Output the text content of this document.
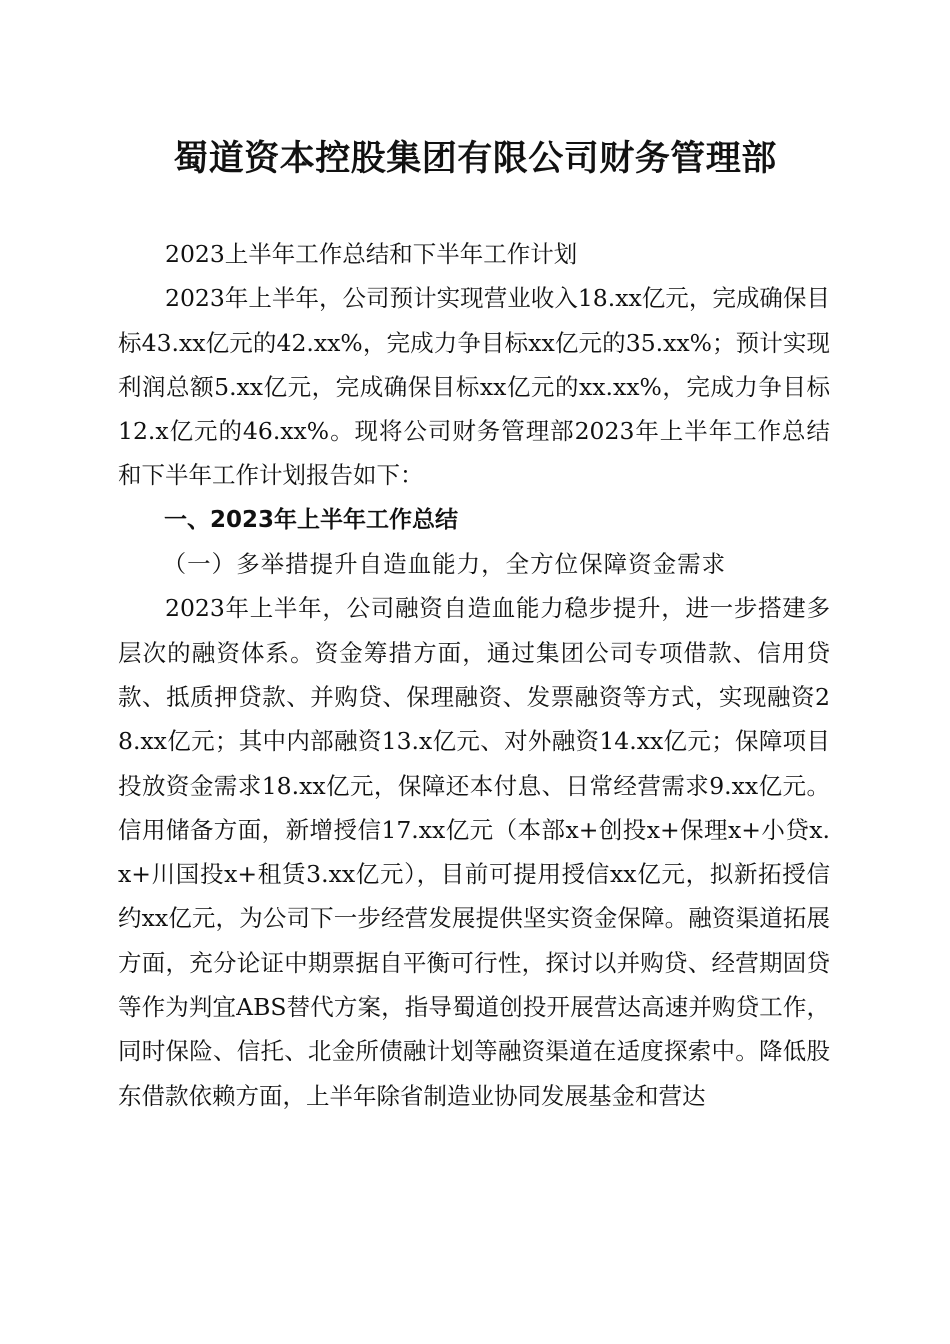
蜀道资本控股集团有限公司财务管理部

2023上半年工作总结和下半年工作计划

2023年上半年，公司预计实现营业收入18.xx亿元，完成确保目标43.xx亿元的42.xx%，完成力争目标xx亿元的35.xx%；预计实现利润总额5.xx亿元，完成确保目标xx亿元的xx.xx%，完成力争目标12.x亿元的46.xx%。现将公司财务管理部2023年上半年工作总结和下半年工作计划报告如下：

一、2023年上半年工作总结
（一）多举措提升自造血能力，全方位保障资金需求

2023年上半年，公司融资自造血能力稳步提升，进一步搭建多层次的融资体系。资金筹措方面，通过集团公司专项借款、信用贷款、抵质押贷款、并购贷、保理融资、发票融资等方式，实现融资28.xx亿元；其中内部融资13.x亿元、对外融资14.xx亿元；保障项目投放资金需求18.xx亿元，保障还本付息、日常经营需求9.xx亿元。信用储备方面，新增授信17.xx亿元（本部x+创投x+保理x+小贷x.x+川国投x+租赁3.xx亿元），目前可提用授信xx亿元，拟新拓授信约xx亿元，为公司下一步经营发展提供坚实资金保障。融资渠道拓展方面，充分论证中期票据自平衡可行性，探讨以并购贷、经营期固贷等作为判宜ABS替代方案，指导蜀道创投开展营达高速并购贷工作，同时保险、信托、北金所债融计划等融资渠道在适度探索中。降低股东借款依赖方面，上半年除省制造业协同发展基金和营达
